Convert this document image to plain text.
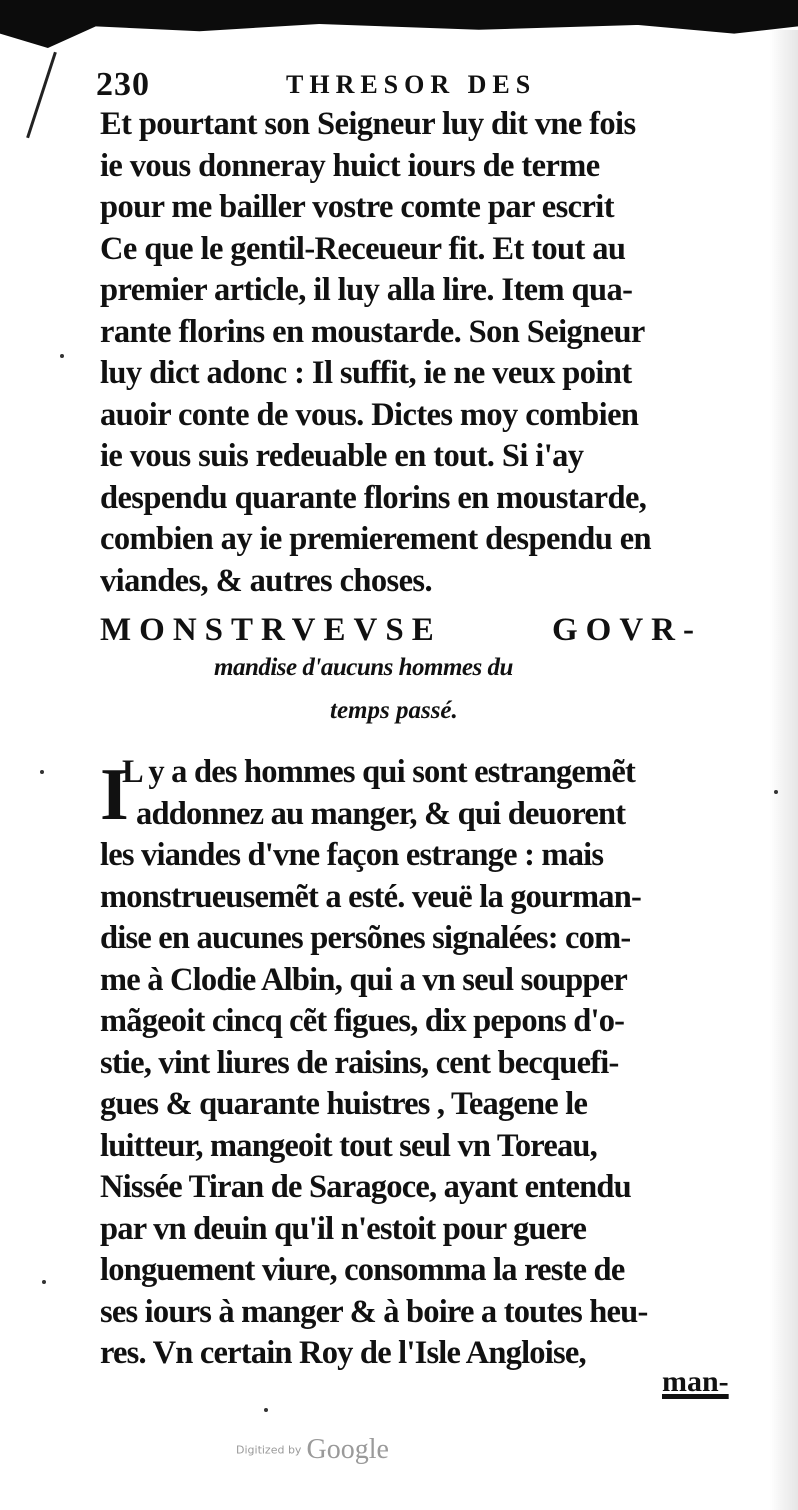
230	THRESOR DES
Et pourtant son Seigneur luy dit vne fois
ie vous donneray huict iours de terme
pour me bailler vostre comte par escrit
Ce que le gentil-Receueur fit. Et tout au
premier article, il luy alla lire. Item qua-
rante florins en moustarde. Son Seigneur
luy dict adonc : Il suffit, ie ne veux point
auoir conte de vous. Dictes moy combien
ie vous suis redeuable en tout. Si i'ay
despendu quarante florins en moustarde,
combien ay ie premierement despendu en
viandes, & autres choses.
MONSTRVEVSE	GOVR-
mandise d'aucuns hommes du
temps passé.
I
L y a des hommes qui sont estrangemẽt
addonnez au manger, & qui deuorent
les viandes d'vne façon estrange : mais
monstrueusemẽt a esté. veuë la gourman-
dise en aucunes persõnes signalées: com-
me à Clodie Albin, qui a vn seul soupper
mãgeoit cincq cẽt figues, dix pepons d'o-
stie, vint liures de raisins, cent becquefi-
gues & quarante huistres , Teagene le
luitteur, mangeoit tout seul vn Toreau,
Nissée Tiran de Saragoce, ayant entendu
par vn deuin qu'il n'estoit pour guere
longuement viure, consomma la reste de
ses iours à manger & à boire a toutes heu-
res. Vn certain Roy de l'Isle Angloise,
man-
Digitized by Google
